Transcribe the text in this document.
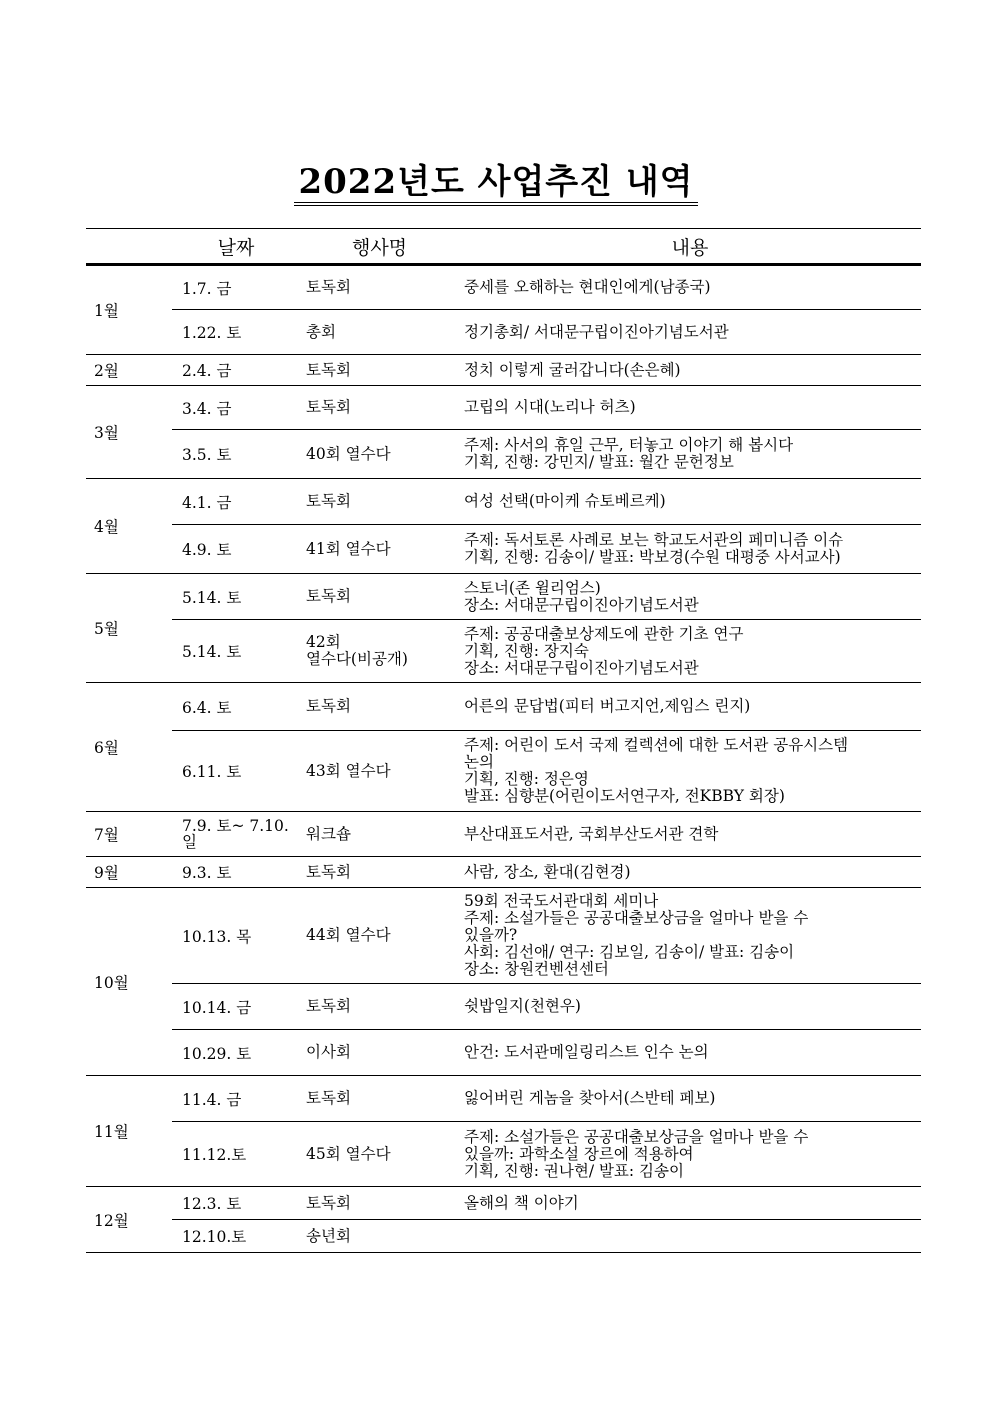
2022년도 사업추진 내역
	날짜	행사명	내용
1월	1.7. 금	토독회	중세를 오해하는 현대인에게(남종국)

	1.22. 토	총회	정기총회/ 서대문구립이진아기념도서관

2월	2.4. 금	토독회	정치 이렇게 굴러갑니다(손은혜)

3월	3.4. 금	토독회	고립의 시대(노리나 허츠)

	3.5. 토	40회 열수다	주제: 사서의 휴일 근무, 터놓고 이야기 해 봅시다
기획, 진행: 강민지/ 발표: 월간 문헌정보

4월	4.1. 금	토독회	여성 선택(마이케 슈토베르케)

	4.9. 토	41회 열수다	주제: 독서토론 사례로 보는 학교도서관의 페미니즘 이슈
기획, 진행: 김송이/ 발표: 박보경(수원 대평중 사서교사)

5월	5.14. 토	토독회	스토너(존 윌리엄스)
장소: 서대문구립이진아기념도서관

	5.14. 토	42회
열수다(비공개)	주제: 공공대출보상제도에 관한 기초 연구
기획, 진행: 장지숙
장소: 서대문구립이진아기념도서관

6월	6.4. 토	토독회	어른의 문답법(피터 버고지언,제임스 린지)

	6.11. 토	43회 열수다	주제: 어린이 도서 국제 컬렉션에 대한 도서관 공유시스템
논의
기획, 진행: 정은영
발표: 심향분(어린이도서연구자, 전KBBY 회장)

7월	7.9. 토~ 7.10. 일	워크숍	부산대표도서관, 국회부산도서관 견학

9월	9.3. 토	토독회	사람, 장소, 환대(김현경)

10월	10.13. 목	44회 열수다	59회 전국도서관대회 세미나
주제: 소설가들은 공공대출보상금을 얼마나 받을 수
있을까?
사회: 김선애/ 연구: 김보일, 김송이/ 발표: 김송이
장소: 창원컨벤션센터

	10.14. 금	토독회	쉿밥일지(천현우)

	10.29. 토	이사회	안건: 도서관메일링리스트 인수 논의

11월	11.4. 금	토독회	잃어버린 게놈을 찾아서(스반테 페보)

	11.12.토	45회 열수다	주제: 소설가들은 공공대출보상금을 얼마나 받을 수
있을까: 과학소설 장르에 적용하여
기획, 진행: 권나현/ 발표: 김송이

12월	12.3. 토	토독회	올해의 책 이야기

	12.10.토	송년회	
